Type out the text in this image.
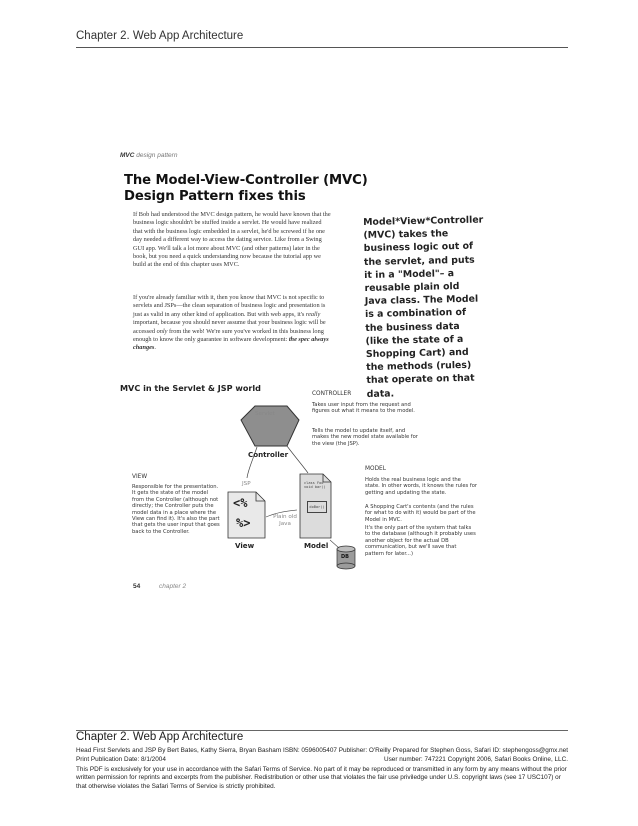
Chapter 2. Web App Architecture
MVC design pattern
The Model-View-Controller (MVC)
Design Pattern fixes this
If Bob had understood the MVC design pattern, he would have known that the business logic shouldn't be stuffed inside a servlet. He would have realized that with the business logic embedded in a servlet, he'd be screwed if he one day needed a different way to access the dating service. Like from a Swing GUI app. We'll talk a lot more about MVC (and other patterns) later in the book, but you need a quick understanding now because the tutorial app we build at the end of this chapter uses MVC.
If you're already familiar with it, then you know that MVC is not specific to servlets and JSPs—the clean separation of business logic and presentation is just as valid in any other kind of application. But with web apps, it's really important, because you should never assume that your business logic will be accessed only from the web! We're sure you've worked in this business long enough to know the only guarantee in software development: the spec always changes.
Model*View*Controller (MVC) takes the business logic out of the servlet, and puts it in a "Model"– a reusable plain old Java class. The Model is a combination of the business data (like the state of a Shopping Cart) and the methods (rules) that operate on that data.
MVC in the Servlet & JSP world
Servlet
Controller
CONTROLLER
Takes user input from the request and figures out what it means to the model.
Tells the model to update itself, and makes the new model state available for the view (the JSP).
VIEW
Responsible for the presentation. It gets the state of the model from the Controller (although not directly; the Controller puts the model data in a place where the View can find it). It's also the part that gets the user input that goes back to the Controller.
JSP
<%
%>
View
Plain old Java
class Foo
void bar()
doBar()
Model
DB
MODEL
Holds the real business logic and the state. In other words, it knows the rules for getting and updating the state.
A Shopping Cart's contents (and the rules for what to do with it) would be part of the Model in MVC.
It's the only part of the system that talks to the database (although it probably uses another object for the actual DB communication, but we'll save that pattern for later...)
54	chapter 2
Chapter 2. Web App Architecture
Head First Servlets and JSP By Bert Bates, Kathy Sierra, Bryan Basham ISBN: 0596005407 Publisher: O'Reilly Prepared for Stephen Goss, Safari ID: stephengoss@gmx.net
Print Publication Date: 8/1/2004	User number: 747221 Copyright 2006, Safari Books Online, LLC.
This PDF is exclusively for your use in accordance with the Safari Terms of Service. No part of it may be reproduced or transmitted in any form by any means without the prior written permission for reprints and excerpts from the publisher. Redistribution or other use that violates the fair use priviledge under U.S. copyright laws (see 17 USC107) or that otherwise violates the Safari Terms of Service is strictly prohibited.
